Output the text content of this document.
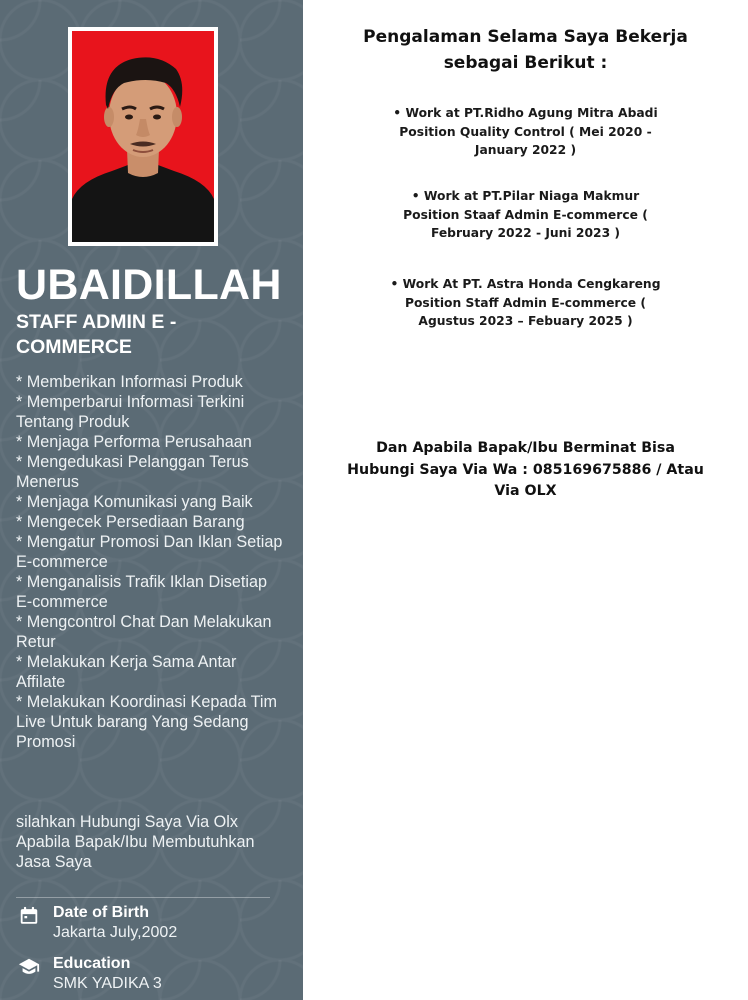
UBAIDILLAH
STAFF ADMIN E - COMMERCE
* Memberikan Informasi Produk
* Memperbarui Informasi Terkini Tentang Produk
* Menjaga Performa Perusahaan
* Mengedukasi Pelanggan Terus Menerus
* Menjaga Komunikasi yang Baik
* Mengecek Persediaan Barang
* Mengatur Promosi Dan Iklan Setiap E-commerce
* Menganalisis Trafik Iklan Disetiap E-commerce
* Mengcontrol Chat Dan Melakukan Retur
* Melakukan Kerja Sama Antar Affilate
* Melakukan Koordinasi Kepada Tim Live Untuk barang Yang Sedang Promosi
silahkan Hubungi Saya Via Olx Apabila Bapak/Ibu Membutuhkan Jasa Saya
Date of Birth
Jakarta July,2002
Education
SMK YADIKA 3
Pengalaman Selama Saya Bekerja sebagai Berikut :
• Work at PT.Ridho Agung Mitra Abadi Position Quality Control ( Mei 2020 - January 2022 )
• Work at PT.Pilar Niaga Makmur Position Staaf Admin E-commerce ( February 2022 - Juni 2023 )
• Work At PT. Astra Honda Cengkareng Position Staff Admin E-commerce ( Agustus 2023 – Febuary 2025 )
Dan Apabila Bapak/Ibu Berminat Bisa Hubungi Saya Via Wa : 085169675886 / Atau Via OLX
